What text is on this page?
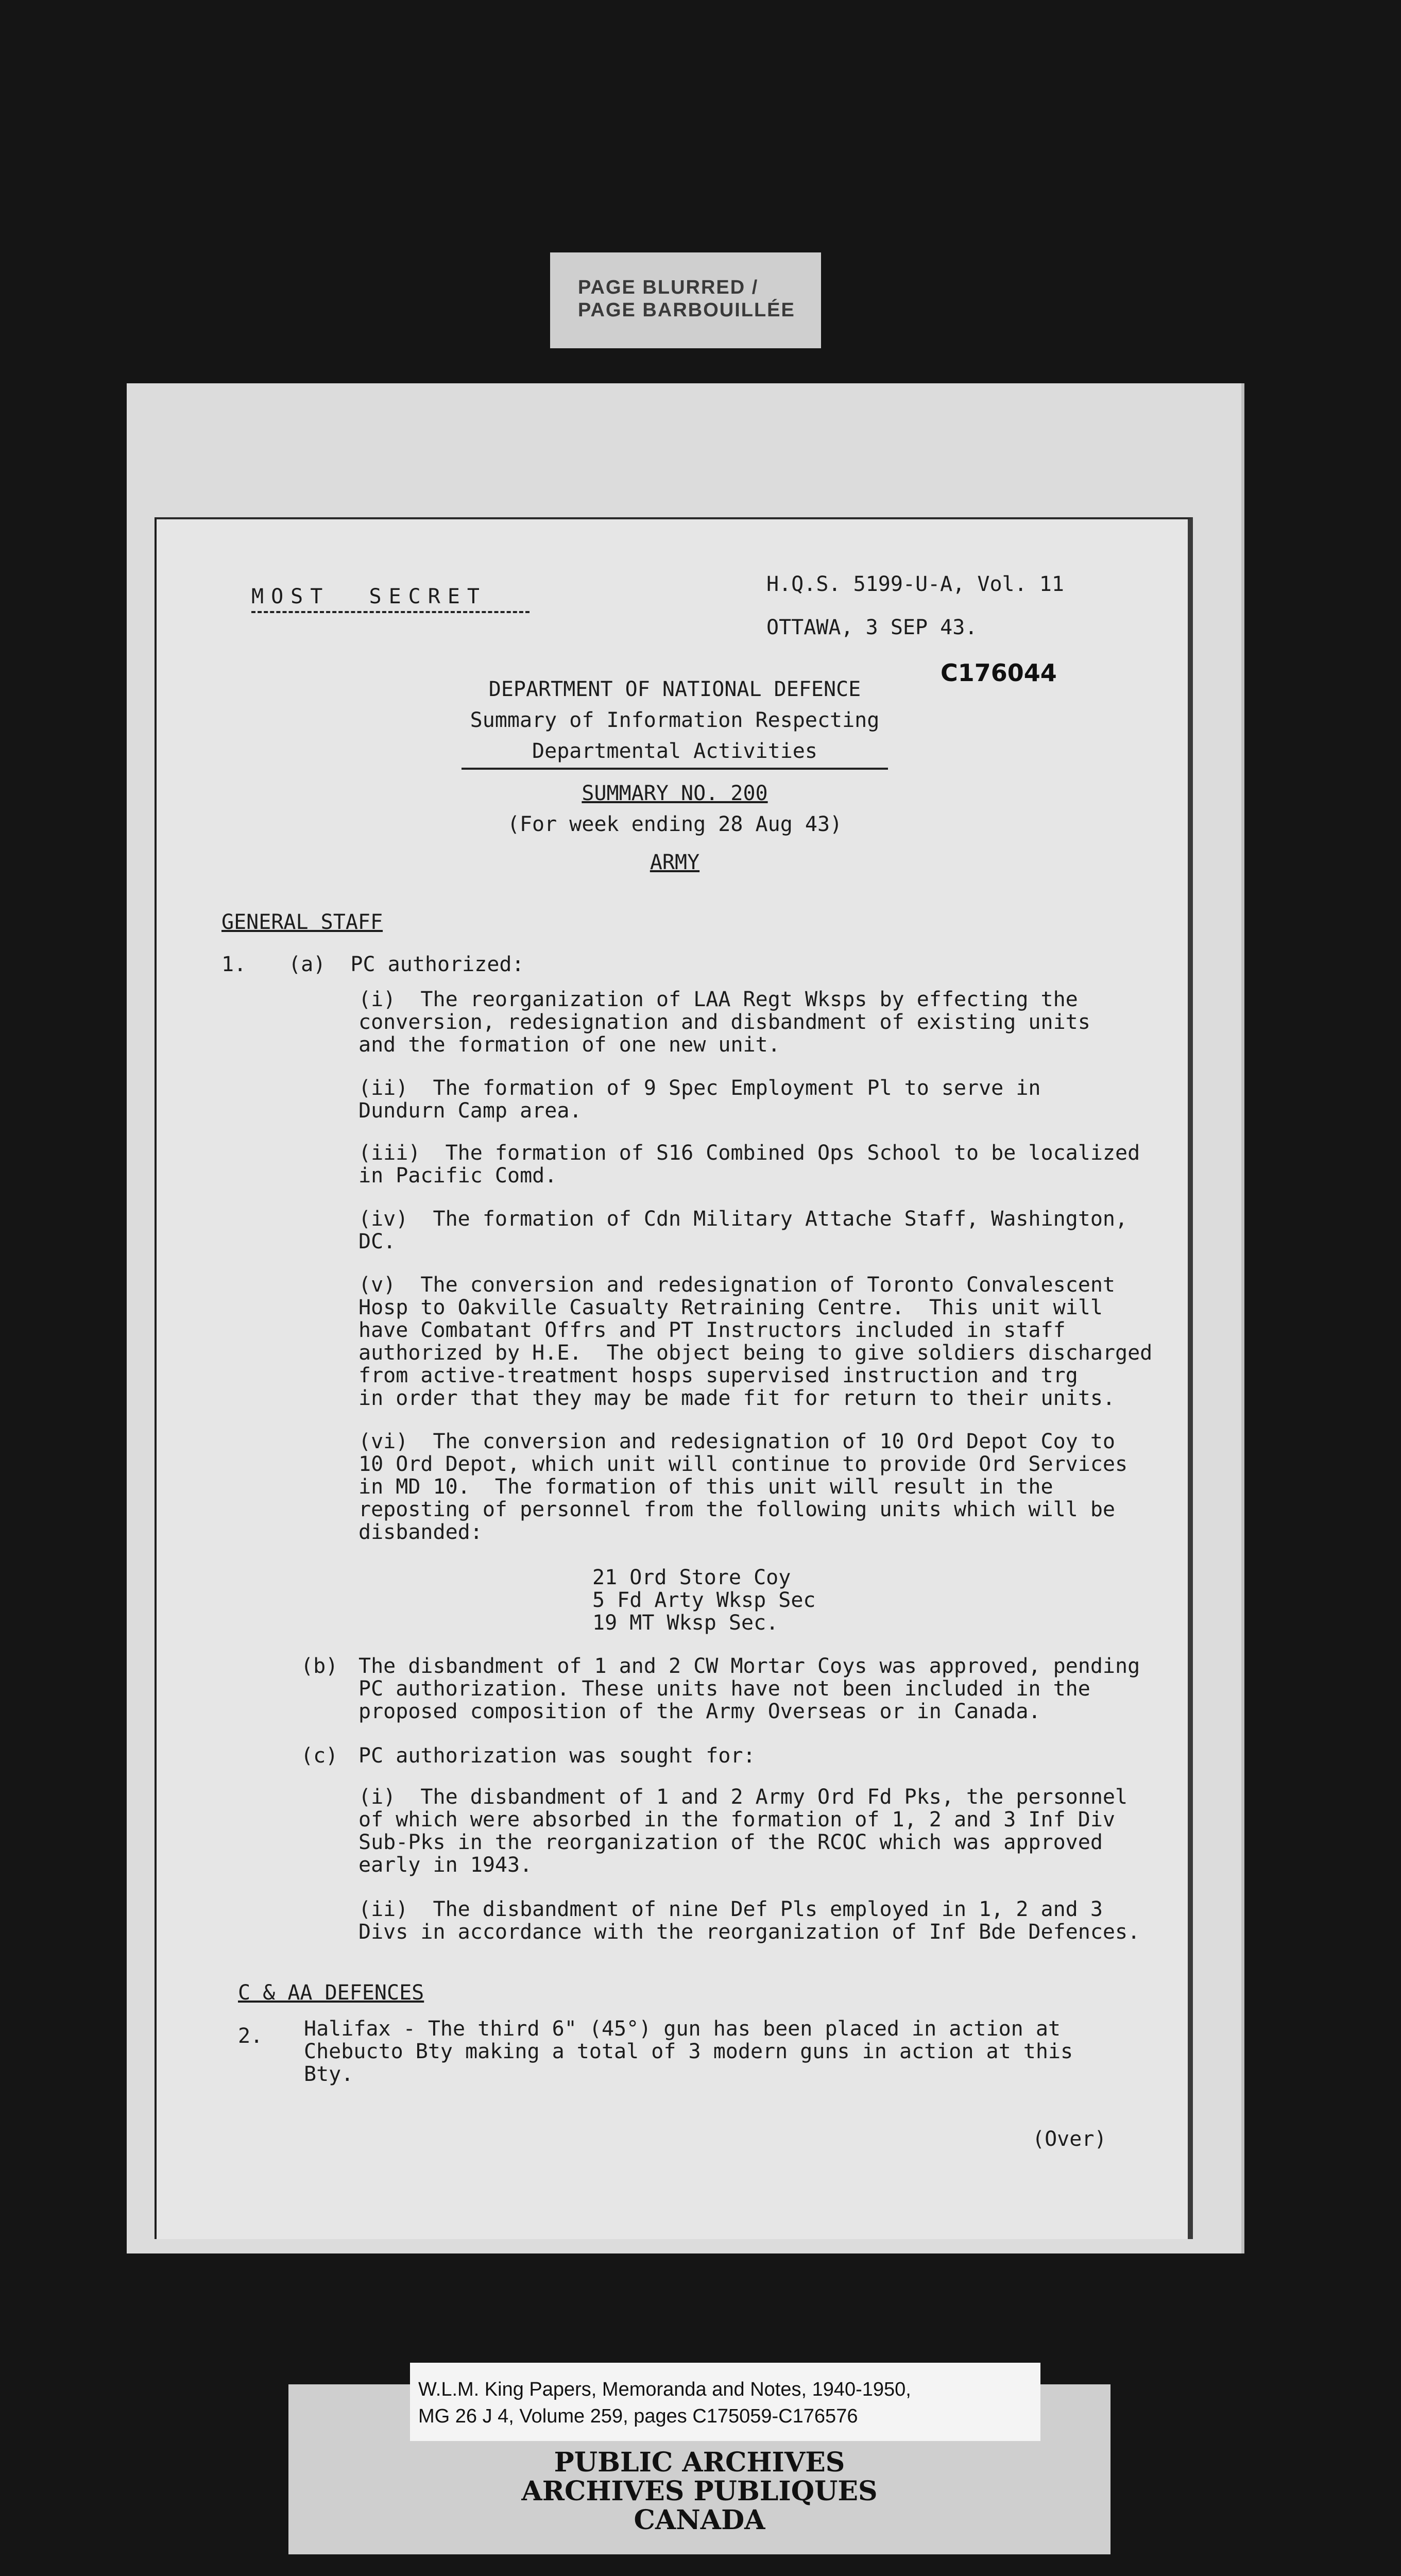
PAGE BLURRED /
PAGE BARBOUILLÉE
MOST  SECRET
H.Q.S. 5199-U-A, Vol. 11
OTTAWA, 3 SEP 43.
C176044
DEPARTMENT OF NATIONAL DEFENCE
Summary of Information Respecting
Departmental Activities
SUMMARY NO. 200
(For week ending 28 Aug 43)
ARMY
GENERAL STAFF
1. (a)  PC authorized:
(i)  The reorganization of LAA Regt Wksps by effecting the
conversion, redesignation and disbandment of existing units
and the formation of one new unit.
(ii)  The formation of 9 Spec Employment Pl to serve in
Dundurn Camp area.
(iii)  The formation of S16 Combined Ops School to be localized
in Pacific Comd.
(iv)  The formation of Cdn Military Attache Staff, Washington,
DC.
(v)  The conversion and redesignation of Toronto Convalescent
Hosp to Oakville Casualty Retraining Centre.  This unit will
have Combatant Offrs and PT Instructors included in staff
authorized by H.E.  The object being to give soldiers discharged
from active-treatment hosps supervised instruction and trg
in order that they may be made fit for return to their units.
(vi)  The conversion and redesignation of 10 Ord Depot Coy to
10 Ord Depot, which unit will continue to provide Ord Services
in MD 10.  The formation of this unit will result in the
reposting of personnel from the following units which will be
disbanded:
21 Ord Store Coy
5 Fd Arty Wksp Sec
19 MT Wksp Sec.
(b) The disbandment of 1 and 2 CW Mortar Coys was approved, pending
PC authorization. These units have not been included in the
proposed composition of the Army Overseas or in Canada.
(c) PC authorization was sought for:
(i)  The disbandment of 1 and 2 Army Ord Fd Pks, the personnel
of which were absorbed in the formation of 1, 2 and 3 Inf Div
Sub-Pks in the reorganization of the RCOC which was approved
early in 1943.
(ii)  The disbandment of nine Def Pls employed in 1, 2 and 3
Divs in accordance with the reorganization of Inf Bde Defences.
C & AA DEFENCES
2. Halifax - The third 6" (45°) gun has been placed in action at
Chebucto Bty making a total of 3 modern guns in action at this
Bty.
(Over)
W.L.M. King Papers, Memoranda and Notes, 1940-1950,
MG 26 J 4, Volume 259, pages C175059-C176576
PUBLIC ARCHIVES
ARCHIVES PUBLIQUES
CANADA
